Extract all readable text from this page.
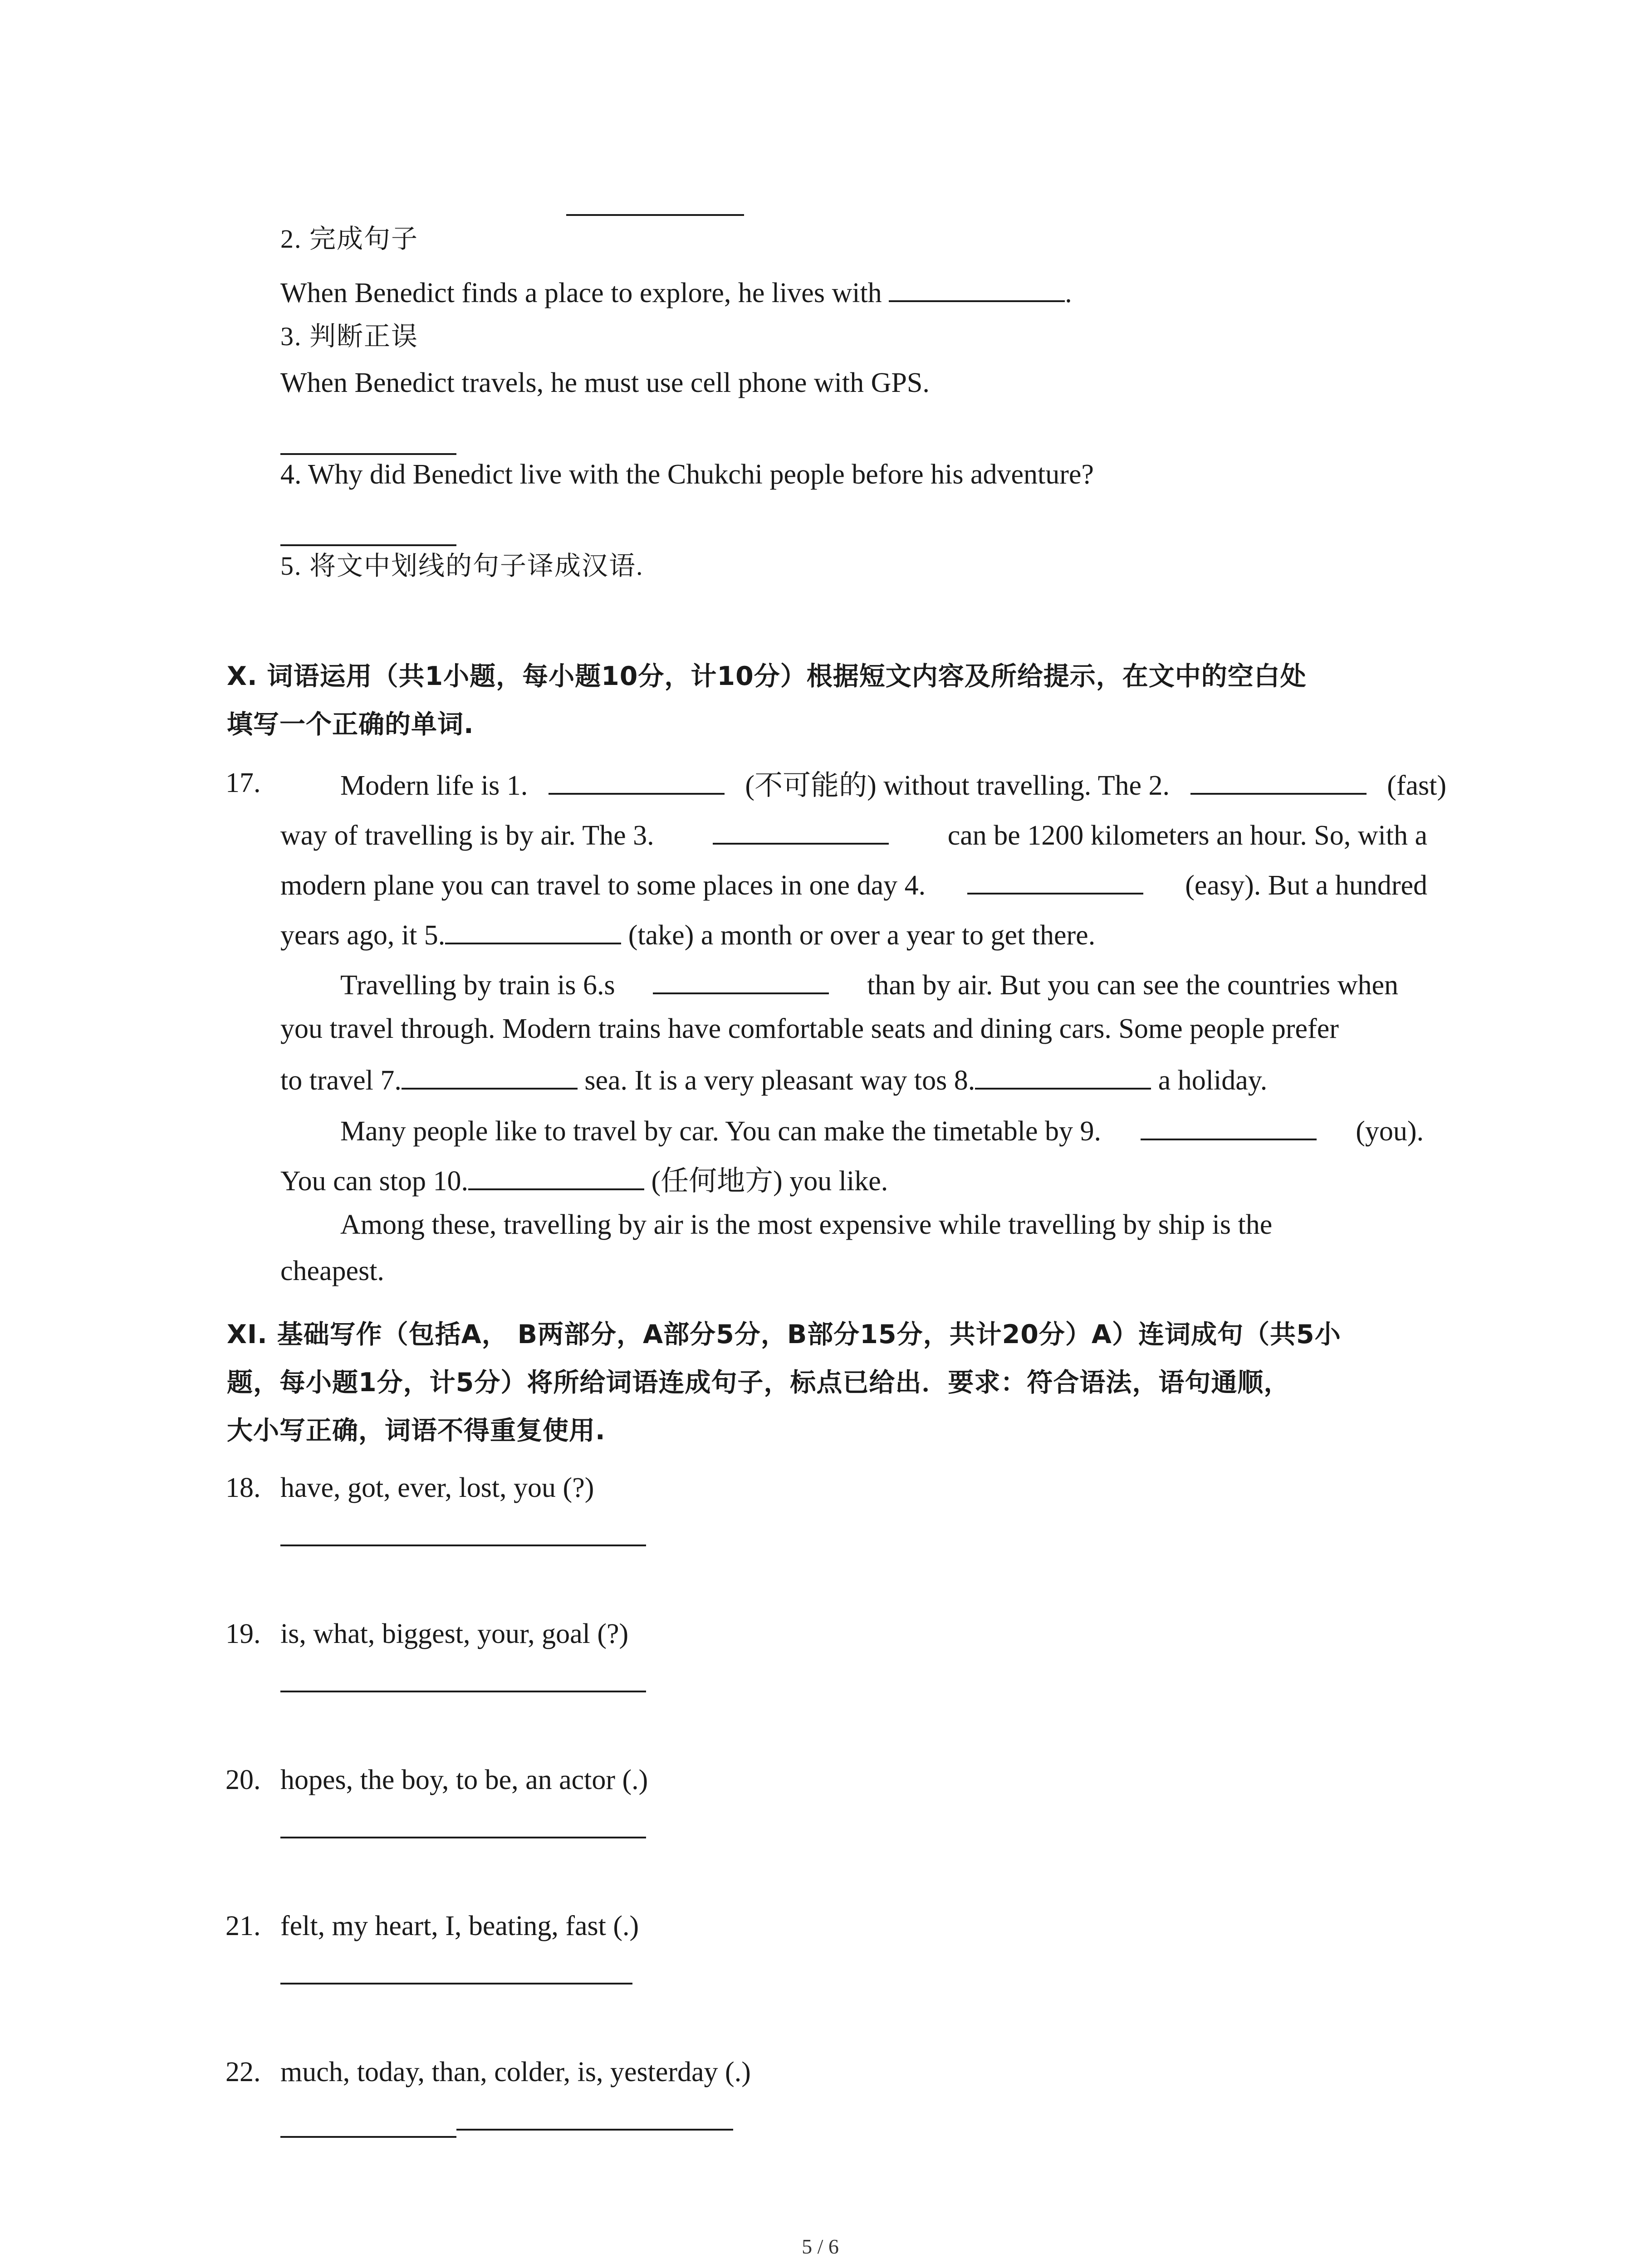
2. 完成句子
When Benedict finds a place to explore, he lives with	.
3. 判断正误
When Benedict travels, he must use cell phone with GPS.
4. Why did Benedict live with the Chukchi people before his adventure?
5. 将文中划线的句子译成汉语.
X. 词语运用（共1小题，每小题10分，计10分）根据短文内容及所给提示，在文中的空白处
填写一个正确的单词.
17.	Modern life is 1.	(不可能的) without travelling. The 2.	(fast)
way of travelling is by air. The 3.	can be 1200 kilometers an hour. So, with a
modern plane you can travel to some places in one day 4.	(easy). But a hundred
years ago, it 5.	(take) a month or over a year to get there.
Travelling by train is 6.s	than by air. But you can see the countries when
you travel through. Modern trains have comfortable seats and dining cars. Some people prefer
to travel 7.	sea. It is a very pleasant way tos 8.	a holiday.
Many people like to travel by car. You can make the timetable by 9.	(you).
You can stop 10.	(任何地方) you like.
Among these, travelling by air is the most expensive while travelling by ship is the
cheapest.
XI. 基础写作（包括A， B两部分，A部分5分，B部分15分，共计20分）A）连词成句（共5小
题，每小题1分，计5分）将所给词语连成句子，标点已给出．要求：符合语法，语句通顺，
大小写正确，词语不得重复使用.
18. have, got, ever, lost, you (?)
19. is, what, biggest, your, goal (?)
20. hopes, the boy, to be, an actor (.)
21. felt, my heart, I, beating, fast (.)
22. much, today, than, colder, is, yesterday (.)
5 / 6
